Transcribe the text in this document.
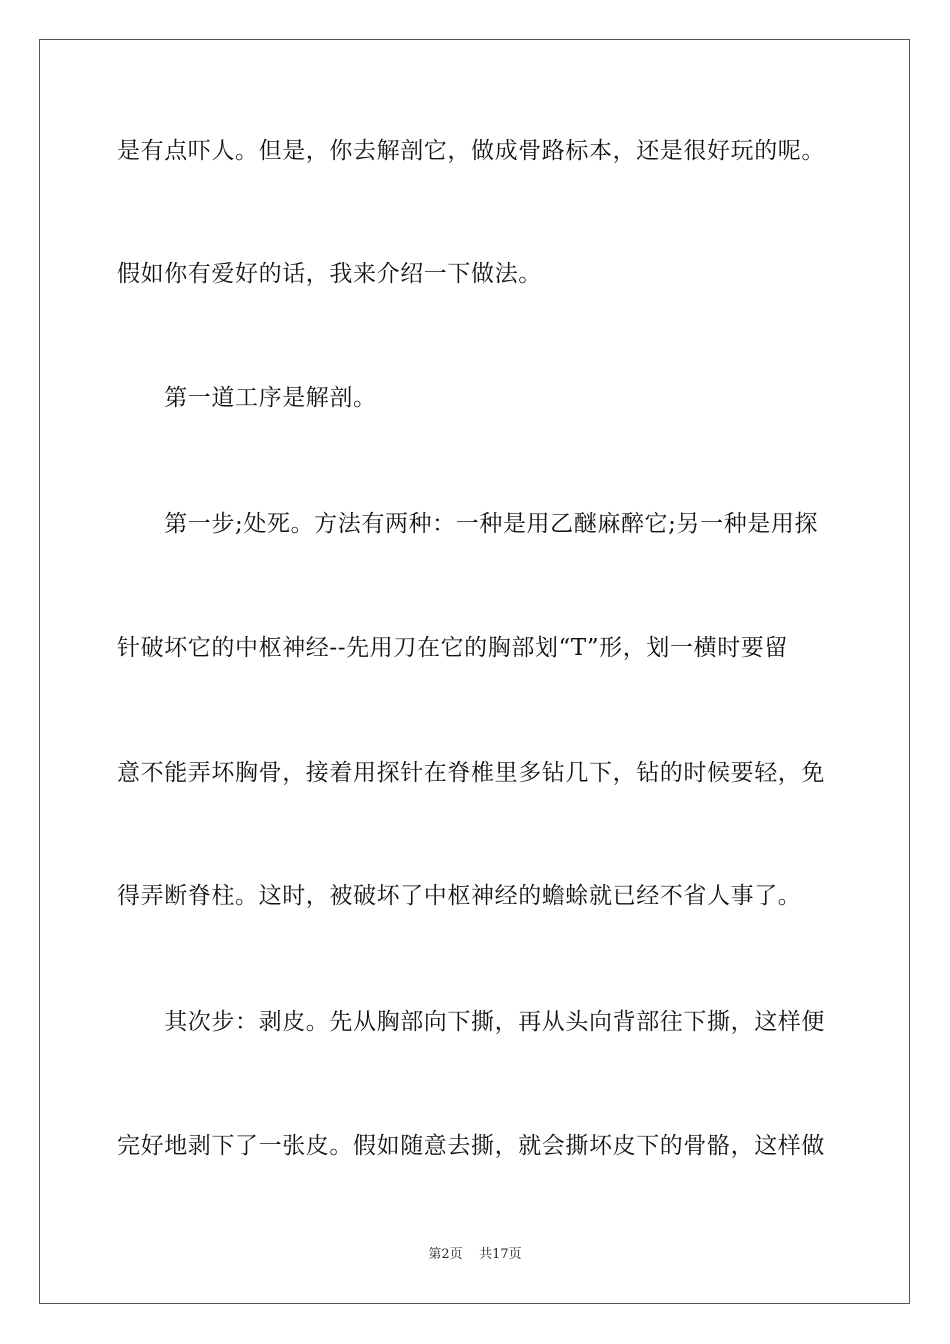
是有点吓人。但是，你去解剖它，做成骨路标本，还是很好玩的呢。
假如你有爱好的话，我来介绍一下做法。
　　第一道工序是解剖。
　　第一步;处死。方法有两种：一种是用乙醚麻醉它;另一种是用探
针破坏它的中枢神经--先用刀在它的胸部划“T”形，划一横时要留
意不能弄坏胸骨，接着用探针在脊椎里多钻几下，钻的时候要轻，免
得弄断脊柱。这时，被破坏了中枢神经的蟾蜍就已经不省人事了。
　　其次步：剥皮。先从胸部向下撕，再从头向背部往下撕，这样便
完好地剥下了一张皮。假如随意去撕，就会撕坏皮下的骨骼，这样做
第2页 共17页
